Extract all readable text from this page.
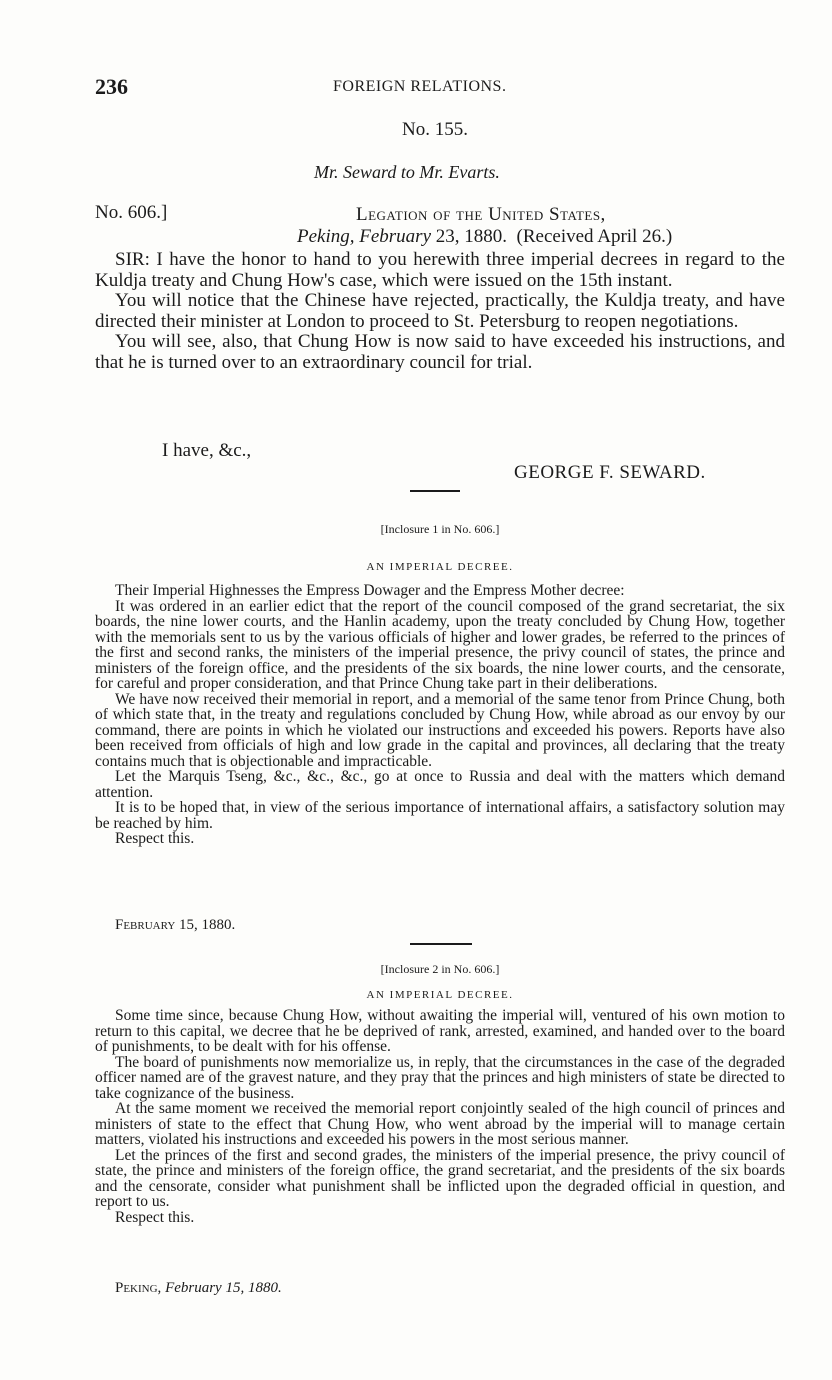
236	FOREIGN RELATIONS.
No. 155.
Mr. Seward to Mr. Evarts.
No. 606.]	Legation of the United States,
Peking, February 23, 1880. (Received April 26.)

SIR: I have the honor to hand to you herewith three imperial decrees in regard to the Kuldja treaty and Chung How's case, which were issued on the 15th instant.

You will notice that the Chinese have rejected, practically, the Kuldja treaty, and have directed their minister at London to proceed to St. Petersburg to reopen negotiations.

You will see, also, that Chung How is now said to have exceeded his instructions, and that he is turned over to an extraordinary council for trial.

I have, &c.,
GEORGE F. SEWARD.
[Inclosure 1 in No. 606.]
AN IMPERIAL DECREE.

Their Imperial Highnesses the Empress Dowager and the Empress Mother decree:

It was ordered in an earlier edict that the report of the council composed of the grand secretariat, the six boards, the nine lower courts, and the Hanlin academy, upon the treaty concluded by Chung How, together with the memorials sent to us by the various officials of higher and lower grades, be referred to the princes of the first and second ranks, the ministers of the imperial presence, the privy council of states, the prince and ministers of the foreign office, and the presidents of the six boards, the nine lower courts, and the censorate, for careful and proper consideration, and that Prince Chung take part in their deliberations.

We have now received their memorial in report, and a memorial of the same tenor from Prince Chung, both of which state that, in the treaty and regulations concluded by Chung How, while abroad as our envoy by our command, there are points in which he violated our instructions and exceeded his powers. Reports have also been received from officials of high and low grade in the capital and provinces, all declaring that the treaty contains much that is objectionable and impracticable.

Let the Marquis Tseng, &c., &c., &c., go at once to Russia and deal with the matters which demand attention.

It is to be hoped that, in view of the serious importance of international affairs, a satisfactory solution may be reached by him.

Respect this.

February 15, 1880.
[Inclosure 2 in No. 606.]
AN IMPERIAL DECREE.

Some time since, because Chung How, without awaiting the imperial will, ventured of his own motion to return to this capital, we decree that he be deprived of rank, arrested, examined, and handed over to the board of punishments, to be dealt with for his offense.

The board of punishments now memorialize us, in reply, that the circumstances in the case of the degraded officer named are of the gravest nature, and they pray that the princes and high ministers of state be directed to take cognizance of the business.

At the same moment we received the memorial report conjointly sealed of the high council of princes and ministers of state to the effect that Chung How, who went abroad by the imperial will to manage certain matters, violated his instructions and exceeded his powers in the most serious manner.

Let the princes of the first and second grades, the ministers of the imperial presence, the privy council of state, the prince and ministers of the foreign office, the grand secretariat, and the presidents of the six boards and the censorate, consider what punishment shall be inflicted upon the degraded official in question, and report to us.

Respect this.

Peking, February 15, 1880.
